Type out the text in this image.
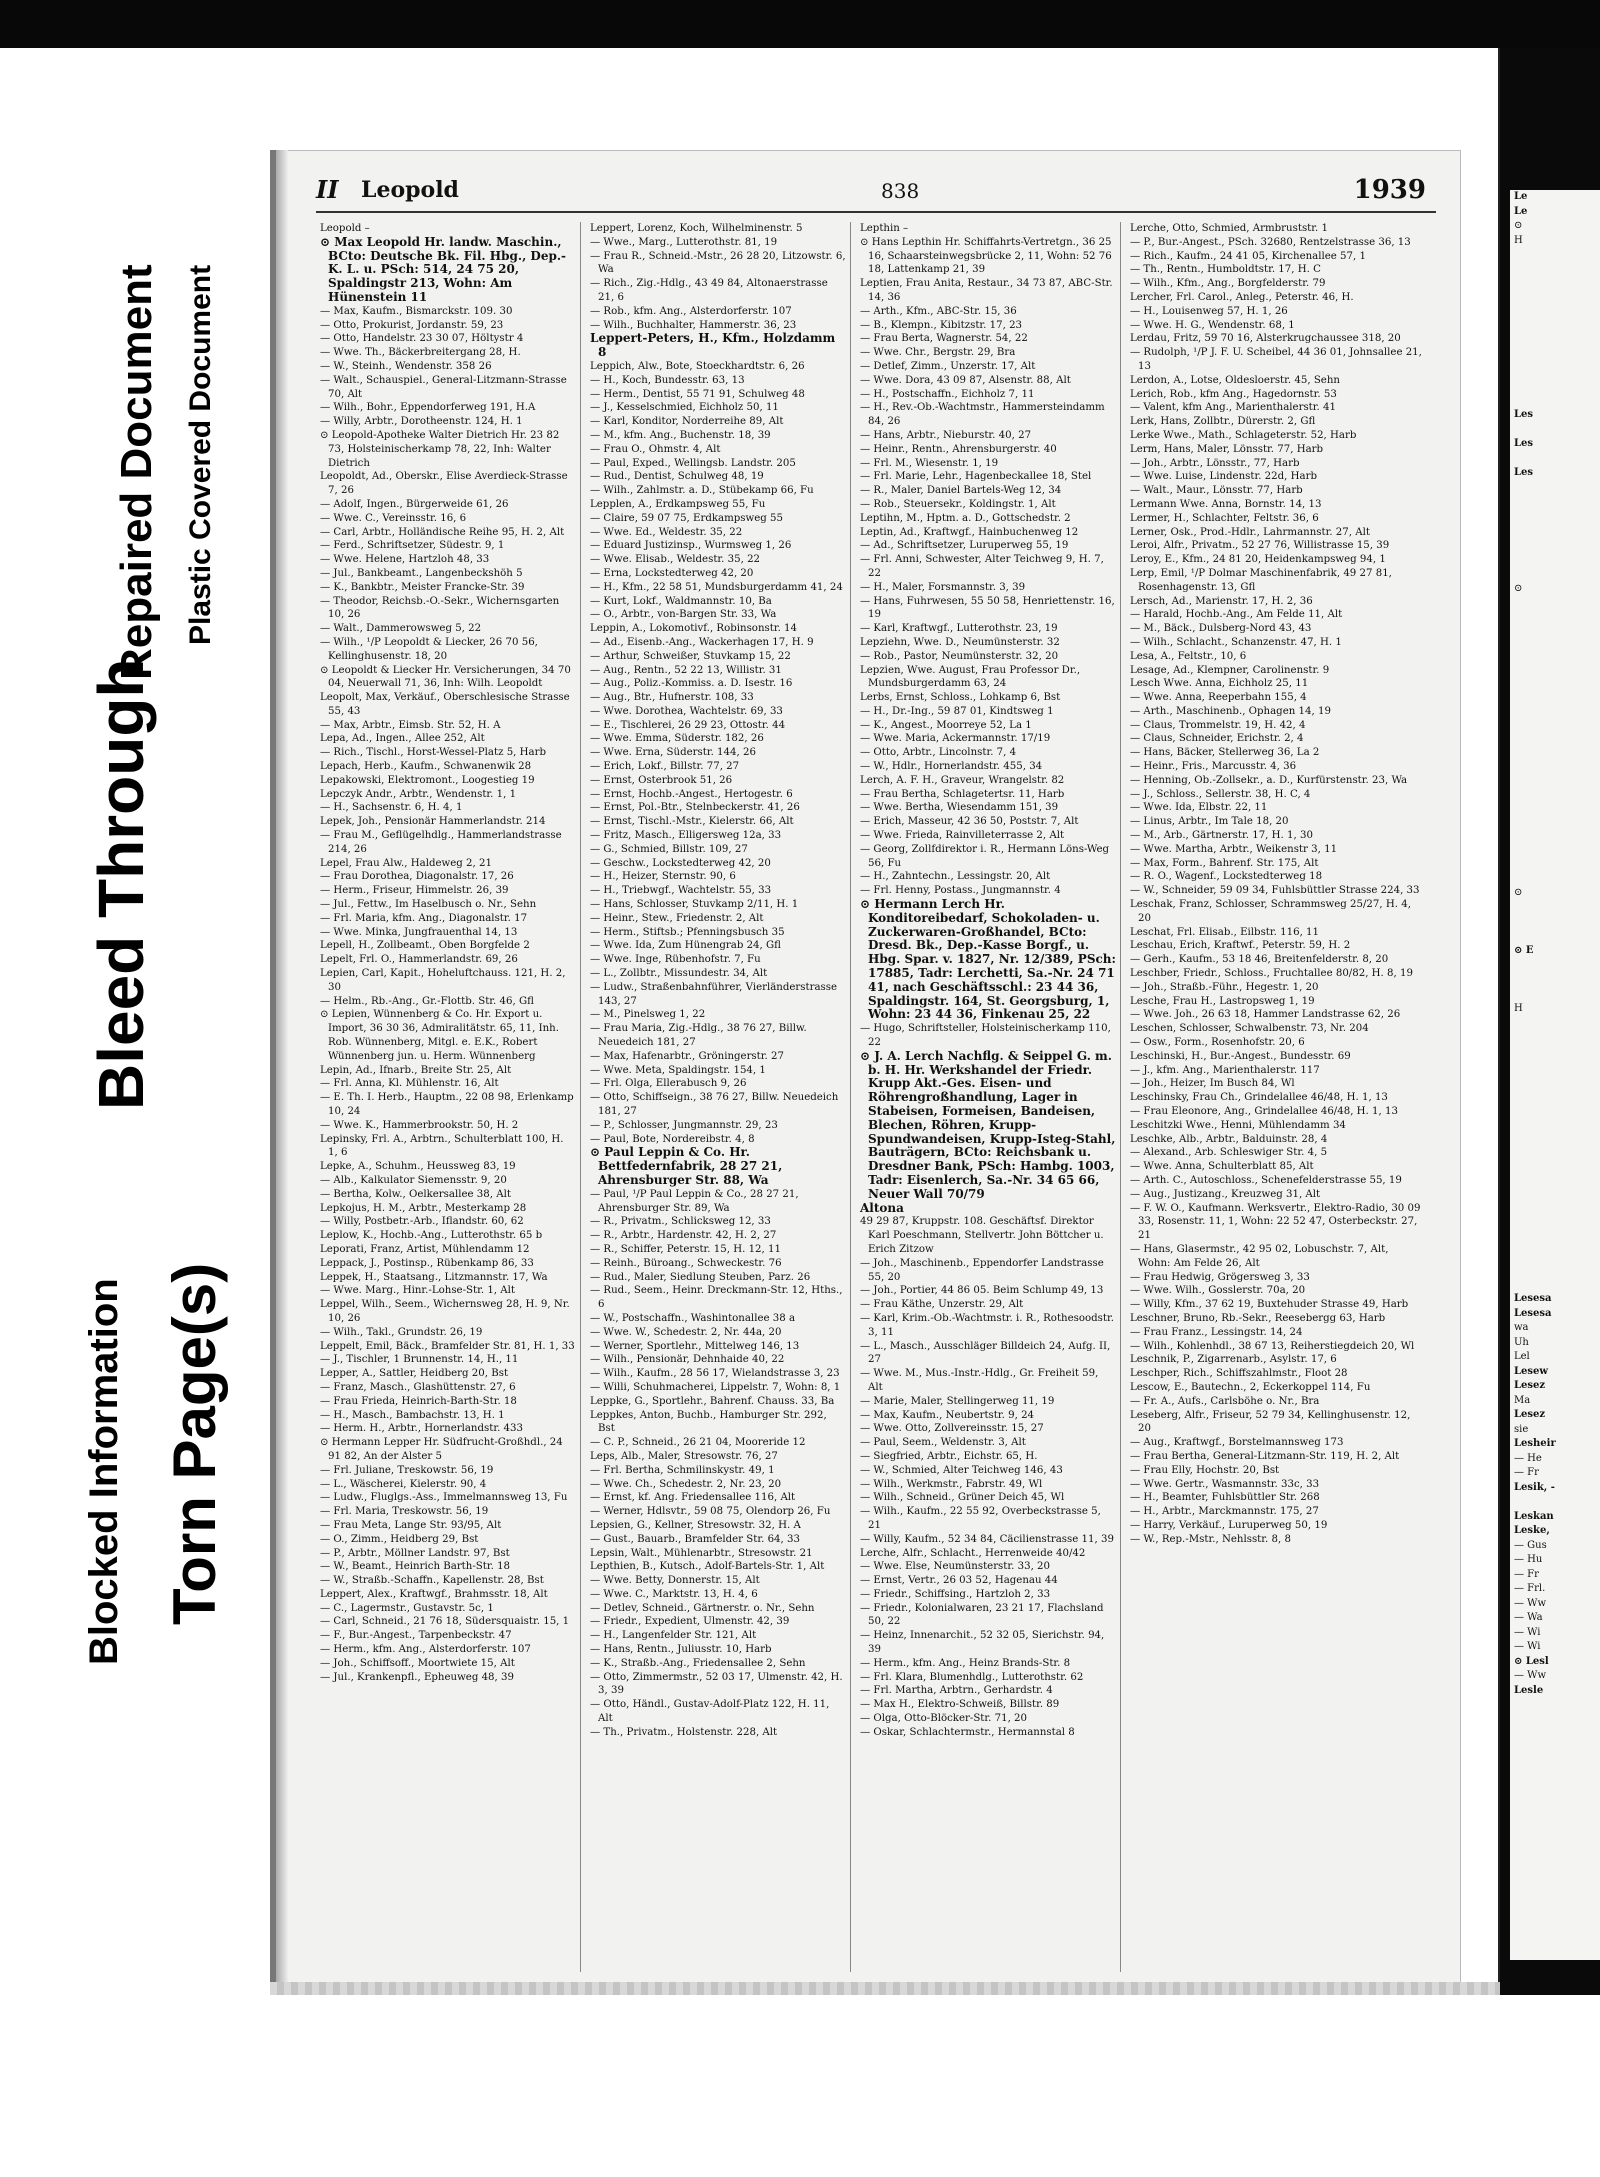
Repaired Document Plastic Covered Document
Bleed Through
Blocked Information Torn Page(s)
II Leopold	838	1939
Leopold –
⊙ Max Leopold Hr. landw. Maschin., BCto: Deutsche Bk. Fil. Hbg., Dep.-K. L. u. PSch: 514, 24 75 20, Spaldingstr 213, Wohn: Am Hünenstein 11
— Max, Kaufm., Bismarckstr. 109. 30
— Otto, Prokurist, Jordanstr. 59, 23
— Otto, Handelstr. 23 30 07, Höltystr 4
— Wwe. Th., Bäckerbreitergang 28, H.
— W., Steinh., Wendenstr. 358 26
— Walt., Schauspiel., General-Litzmann-Strasse 70, Alt
— Wilh., Bohr., Eppendorferweg 191, H.A
— Willy, Arbtr., Dorotheenstr. 124, H. 1
⊙ Leopold-Apotheke Walter Dietrich Hr. 23 82 73, Holsteinischerkamp 78, 22, Inh: Walter Dietrich
Leopoldt, Ad., Oberskr., Elise Averdieck-Strasse 7, 26
— Adolf, Ingen., Bürgerweide 61, 26
— Wwe. C., Vereinsstr. 16, 6
— Carl, Arbtr., Holländische Reihe 95, H. 2, Alt
— Ferd., Schriftsetzer, Südestr. 9, 1
— Wwe. Helene, Hartzloh 48, 33
— Jul., Bankbeamt., Langenbeckshöh 5
— K., Bankbtr., Meister Francke-Str. 39
— Theodor, Reichsb.-O.-Sekr., Wichernsgarten 10, 26
— Walt., Dammerowsweg 5, 22
— Wilh., ¹/P Leopoldt & Liecker, 26 70 56, Kellinghusenstr. 18, 20
⊙ Leopoldt & Liecker Hr. Versicherungen, 34 70 04, Neuerwall 71, 36, Inh: Wilh. Leopoldt
Leopolt, Max, Verkäuf., Oberschlesische Strasse 55, 43
— Max, Arbtr., Eimsb. Str. 52, H. A
Lepa, Ad., Ingen., Allee 252, Alt
— Rich., Tischl., Horst-Wessel-Platz 5, Harb
Lepach, Herb., Kaufm., Schwanenwik 28
Lepakowski, Elektromont., Loogestieg 19
Lepczyk Andr., Arbtr., Wendenstr. 1, 1
— H., Sachsenstr. 6, H. 4, 1
Lepek, Joh., Pensionär Hammerlandstr. 214
— Frau M., Geflügelhdlg., Hammerlandstrasse 214, 26
Lepel, Frau Alw., Haldeweg 2, 21
— Frau Dorothea, Diagonalstr. 17, 26
— Herm., Friseur, Himmelstr. 26, 39
— Jul., Fettw., Im Haselbusch o. Nr., Sehn
— Frl. Maria, kfm. Ang., Diagonalstr. 17
— Wwe. Minka, Jungfrauenthal 14, 13
Lepell, H., Zollbeamt., Oben Borgfelde 2
Lepelt, Frl. O., Hammerlandstr. 69, 26
Lepien, Carl, Kapit., Hoheluftchauss. 121, H. 2, 30
— Helm., Rb.-Ang., Gr.-Flottb. Str. 46, Gfl
⊙ Lepien, Wünnenberg & Co. Hr. Export u. Import, 36 30 36, Admiralitätstr. 65, 11, Inh. Rob. Wünnenberg, Mitgl. e. E.K., Robert Wünnenberg jun. u. Herm. Wünnenberg
Lepin, Ad., Ifnarb., Breite Str. 25, Alt
— Frl. Anna, Kl. Mühlenstr. 16, Alt
— E. Th. I. Herb., Hauptm., 22 08 98, Erlenkamp 10, 24
— Wwe. K., Hammerbrookstr. 50, H. 2
Lepinsky, Frl. A., Arbtrn., Schulterblatt 100, H. 1, 6
Lepke, A., Schuhm., Heussweg 83, 19
— Alb., Kalkulator Siemensstr. 9, 20
— Bertha, Kolw., Oelkersallee 38, Alt
Lepkojus, H. M., Arbtr., Mesterkamp 28
— Willy, Postbetr.-Arb., Iflandstr. 60, 62
Leplow, K., Hochb.-Ang., Lutterothstr. 65 b
Leporati, Franz, Artist, Mühlendamm 12
Leppack, J., Postinsp., Rübenkamp 86, 33
Leppek, H., Staatsang., Litzmannstr. 17, Wa
— Wwe. Marg., Hinr.-Lohse-Str. 1, Alt
Leppel, Wilh., Seem., Wichernsweg 28, H. 9, Nr. 10, 26
— Wilh., Takl., Grundstr. 26, 19
Leppelt, Emil, Bäck., Bramfelder Str. 81, H. 1, 33
— J., Tischler, 1 Brunnenstr. 14, H., 11
Lepper, A., Sattler, Heidberg 20, Bst
— Franz, Masch., Glashüttenstr. 27, 6
— Frau Frieda, Heinrich-Barth-Str. 18
— H., Masch., Bambachstr. 13, H. 1
— Herm. H., Arbtr., Hornerlandstr. 433
⊙ Hermann Lepper Hr. Südfrucht-Großhdl., 24 91 82, An der Alster 5
— Frl. Juliane, Treskowstr. 56, 19
— L., Wäscherei, Kielerstr. 90, 4
— Ludw., Fluglgs.-Ass., Immelmannsweg 13, Fu
— Frl. Maria, Treskowstr. 56, 19
— Frau Meta, Lange Str. 93/95, Alt
— O., Zimm., Heidberg 29, Bst
— P., Arbtr., Möllner Landstr. 97, Bst
— W., Beamt., Heinrich Barth-Str. 18
— W., Straßb.-Schaffn., Kapellenstr. 28, Bst
Leppert, Alex., Kraftwgf., Brahmsstr. 18, Alt
— C., Lagermstr., Gustavstr. 5c, 1
— Carl, Schneid., 21 76 18, Südersquaistr. 15, 1
— F., Bur.-Angest., Tarpenbeckstr. 47
— Herm., kfm. Ang., Alsterdorferstr. 107
— Joh., Schiffsoff., Moortwiete 15, Alt
— Jul., Krankenpfl., Epheuweg 48, 39
Leppert, Lorenz, Koch, Wilhelminenstr. 5
— Wwe., Marg., Lutterothstr. 81, 19
— Frau R., Schneid.-Mstr., 26 28 20, Litzowstr. 6, Wa
— Rich., Zig.-Hdlg., 43 49 84, Altonaerstrasse 21, 6
— Rob., kfm. Ang., Alsterdorferstr. 107
— Wilh., Buchhalter, Hammerstr. 36, 23
Leppert-Peters, H., Kfm., Holzdamm 8
Leppich, Alw., Bote, Stoeckhardtstr. 6, 26
— H., Koch, Bundesstr. 63, 13
— Herm., Dentist, 55 71 91, Schulweg 48
— J., Kesselschmied, Eichholz 50, 11
— Karl, Konditor, Norderreihe 89, Alt
— M., kfm. Ang., Buchenstr. 18, 39
— Frau O., Ohmstr. 4, Alt
— Paul, Exped., Wellingsb. Landstr. 205
— Rud., Dentist, Schulweg 48, 19
— Wilh., Zahlmstr. a. D., Stübekamp 66, Fu
Lepplen, A., Erdkampsweg 55, Fu
— Claire, 59 07 75, Erdkampsweg 55
— Wwe. Ed., Weldestr. 35, 22
— Eduard Justizinsp., Wurmsweg 1, 26
— Wwe. Elisab., Weldestr. 35, 22
— Erna, Lockstedterweg 42, 20
— H., Kfm., 22 58 51, Mundsburgerdamm 41, 24
— Kurt, Lokf., Waldmannstr. 10, Ba
— O., Arbtr., von-Bargen Str. 33, Wa
Leppin, A., Lokomotivf., Robinsonstr. 14
— Ad., Eisenb.-Ang., Wackerhagen 17, H. 9
— Arthur, Schweißer, Stuvkamp 15, 22
— Aug., Rentn., 52 22 13, Willistr. 31
— Aug., Poliz.-Kommiss. a. D. Isestr. 16
— Aug., Btr., Hufnerstr. 108, 33
— Wwe. Dorothea, Wachtelstr. 69, 33
— E., Tischlerei, 26 29 23, Ottostr. 44
— Wwe. Emma, Süderstr. 182, 26
— Wwe. Erna, Süderstr. 144, 26
— Erich, Lokf., Billstr. 77, 27
— Ernst, Osterbrook 51, 26
— Ernst, Hochb.-Angest., Hertogestr. 6
— Ernst, Pol.-Btr., Stelnbeckerstr. 41, 26
— Ernst, Tischl.-Mstr., Kielerstr. 66, Alt
— Fritz, Masch., Elligersweg 12a, 33
— G., Schmied, Billstr. 109, 27
— Geschw., Lockstedterweg 42, 20
— H., Heizer, Sternstr. 90, 6
— H., Triebwgf., Wachtelstr. 55, 33
— Hans, Schlosser, Stuvkamp 2/11, H. 1
— Heinr., Stew., Friedenstr. 2, Alt
— Herm., Stiftsb.; Pfenningsbusch 35
— Wwe. Ida, Zum Hünengrab 24, Gfl
— Wwe. Inge, Rübenhofstr. 7, Fu
— L., Zollbtr., Missundestr. 34, Alt
— Ludw., Straßenbahnführer, Vierländerstrasse 143, 27
— M., Pinelsweg 1, 22
— Frau Maria, Zig.-Hdlg., 38 76 27, Billw. Neuedeich 181, 27
— Max, Hafenarbtr., Gröningerstr. 27
— Wwe. Meta, Spaldingstr. 154, 1
— Frl. Olga, Ellerabusch 9, 26
— Otto, Schiffseign., 38 76 27, Billw. Neuedeich 181, 27
— P., Schlosser, Jungmannstr. 29, 23
— Paul, Bote, Nordereibstr. 4, 8
⊙ Paul Leppin & Co. Hr. Bettfedernfabrik, 28 27 21, Ahrensburger Str. 88, Wa
— Paul, ¹/P Paul Leppin & Co., 28 27 21, Ahrensburger Str. 89, Wa
— R., Privatm., Schlicksweg 12, 33
— R., Arbtr., Hardenstr. 42, H. 2, 27
— R., Schiffer, Peterstr. 15, H. 12, 11
— Reinh., Büroang., Schweckestr. 76
— Rud., Maler, Siedlung Steuben, Parz. 26
— Rud., Seem., Heinr. Dreckmann-Str. 12, Hths., 6
— W., Postschaffn., Washintonallee 38 a
— Wwe. W., Schedestr. 2, Nr. 44a, 20
— Werner, Sportlehr., Mittelweg 146, 13
— Wilh., Pensionär, Dehnhaide 40, 22
— Wilh., Kaufm., 28 56 17, Wielandstrasse 3, 23
— Willi, Schuhmacherei, Lippelstr. 7, Wohn: 8, 1
Leppke, G., Sportlehr., Bahrenf. Chauss. 33, Ba
Leppkes, Anton, Buchb., Hamburger Str. 292, Bst
— C. P., Schneid., 26 21 04, Mooreride 12
Leps, Alb., Maler, Stresowstr. 76, 27
— Frl. Bertha, Schmilinskystr. 49, 1
— Wwe. Ch., Schedestr. 2, Nr. 23, 20
— Ernst, kf. Ang. Friedensallee 116, Alt
— Werner, Hdlsvtr., 59 08 75, Olendorp 26, Fu
Lepsien, G., Kellner, Stresowstr. 32, H. A
— Gust., Bauarb., Bramfelder Str. 64, 33
Lepsin, Walt., Mühlenarbtr., Stresowstr. 21
Lepthien, B., Kutsch., Adolf-Bartels-Str. 1, Alt
— Wwe. Betty, Donnerstr. 15, Alt
— Wwe. C., Marktstr. 13, H. 4, 6
— Detlev, Schneid., Gärtnerstr. o. Nr., Sehn
— Friedr., Expedient, Ulmenstr. 42, 39
— H., Langenfelder Str. 121, Alt
— Hans, Rentn., Juliusstr. 10, Harb
— K., Straßb.-Ang., Friedensallee 2, Sehn
— Otto, Zimmermstr., 52 03 17, Ulmenstr. 42, H. 3, 39
— Otto, Händl., Gustav-Adolf-Platz 122, H. 11, Alt
— Th., Privatm., Holstenstr. 228, Alt
Lepthin –
⊙ Hans Lepthin Hr. Schiffahrts-Vertretgn., 36 25 16, Schaarsteinwegsbrücke 2, 11, Wohn: 52 76 18, Lattenkamp 21, 39
Leptien, Frau Anita, Restaur., 34 73 87, ABC-Str. 14, 36
— Arth., Kfm., ABC-Str. 15, 36
— B., Klempn., Kibitzstr. 17, 23
— Frau Berta, Wagnerstr. 54, 22
— Wwe. Chr., Bergstr. 29, Bra
— Detlef, Zimm., Unzerstr. 17, Alt
— Wwe. Dora, 43 09 87, Alsenstr. 88, Alt
— H., Postschaffn., Eichholz 7, 11
— H., Rev.-Ob.-Wachtmstr., Hammersteindamm 84, 26
— Hans, Arbtr., Nieburstr. 40, 27
— Heinr., Rentn., Ahrensburgerstr. 40
— Frl. M., Wiesenstr. 1, 19
— Frl. Marie, Lehr., Hagenbeckallee 18, Stel
— R., Maler, Daniel Bartels-Weg 12, 34
— Rob., Steuersekr., Koldingstr. 1, Alt
Leptihn, M., Hptm. a. D., Gottschedstr. 2
Leptin, Ad., Kraftwgf., Hainbuchenweg 12
— Ad., Schriftsetzer, Luruperweg 55, 19
— Frl. Anni, Schwester, Alter Teichweg 9, H. 7, 22
— H., Maler, Forsmannstr. 3, 39
— Hans, Fuhrwesen, 55 50 58, Henriettenstr. 16, 19
— Karl, Kraftwgf., Lutterothstr. 23, 19
Lepziehn, Wwe. D., Neumünsterstr. 32
— Rob., Pastor, Neumünsterstr. 32, 20
Lepzien, Wwe. August, Frau Professor Dr., Mundsburgerdamm 63, 24
Lerbs, Ernst, Schloss., Lohkamp 6, Bst
— H., Dr.-Ing., 59 87 01, Kindtsweg 1
— K., Angest., Moorreye 52, La 1
— Wwe. Maria, Ackermannstr. 17/19
— Otto, Arbtr., Lincolnstr. 7, 4
— W., Hdlr., Hornerlandstr. 455, 34
Lerch, A. F. H., Graveur, Wrangelstr. 82
— Frau Bertha, Schlagetertsr. 11, Harb
— Wwe. Bertha, Wiesendamm 151, 39
— Erich, Masseur, 42 36 50, Poststr. 7, Alt
— Wwe. Frieda, Rainvilleterrasse 2, Alt
— Georg, Zollfdirektor i. R., Hermann Löns-Weg 56, Fu
— H., Zahntechn., Lessingstr. 20, Alt
— Frl. Henny, Postass., Jungmannstr. 4
⊙ Hermann Lerch Hr. Konditoreibedarf, Schokoladen- u. Zuckerwaren-Großhandel, BCto: Dresd. Bk., Dep.-Kasse Borgf., u. Hbg. Spar. v. 1827, Nr. 12/389, PSch: 17885, Tadr: Lerchetti, Sa.-Nr. 24 71 41, nach Geschäftsschl.: 23 44 36, Spaldingstr. 164, St. Georgsburg, 1, Wohn: 23 44 36, Finkenau 25, 22
— Hugo, Schriftsteller, Holsteinischerkamp 110, 22
⊙ J. A. Lerch Nachflg. & Seippel G. m. b. H. Hr. Werkshandel der Friedr. Krupp Akt.-Ges. Eisen- und Röhrengroßhandlung, Lager in Stabeisen, Formeisen, Bandeisen, Blechen, Röhren, Krupp-Spundwandeisen, Krupp-Isteg-Stahl, Bauträgern, BCto: Reichsbank u. Dresdner Bank, PSch: Hambg. 1003, Tadr: Eisenlerch, Sa.-Nr. 34 65 66, Neuer Wall 70/79
Altona
49 29 87, Kruppstr. 108. Geschäftsf. Direktor Karl Poeschmann, Stellvertr. John Böttcher u. Erich Zitzow
— Joh., Maschinenb., Eppendorfer Landstrasse 55, 20
— Joh., Portier, 44 86 05. Beim Schlump 49, 13
— Frau Käthe, Unzerstr. 29, Alt
— Karl, Krim.-Ob.-Wachtmstr. i. R., Rothesoodstr. 3, 11
— L., Masch., Ausschläger Billdeich 24, Aufg. II, 27
— Wwe. M., Mus.-Instr.-Hdlg., Gr. Freiheit 59, Alt
— Marie, Maler, Stellingerweg 11, 19
— Max, Kaufm., Neubertstr. 9, 24
— Wwe. Otto, Zollvereinsstr. 15, 27
— Paul, Seem., Weldenstr. 3, Alt
— Siegfried, Arbtr., Eichstr. 65, H.
— W., Schmied, Alter Teichweg 146, 43
— Wilh., Werkmstr., Fabrstr. 49, Wl
— Wilh., Schneid., Grüner Deich 45, Wl
— Wilh., Kaufm., 22 55 92, Overbeckstrasse 5, 21
— Willy, Kaufm., 52 34 84, Cäcilienstrasse 11, 39
Lerche, Alfr., Schlacht., Herrenweide 40/42
— Wwe. Else, Neumünsterstr. 33, 20
— Ernst, Vertr., 26 03 52, Hagenau 44
— Friedr., Schiffsing., Hartzloh 2, 33
— Friedr., Kolonialwaren, 23 21 17, Flachsland 50, 22
— Heinz, Innenarchit., 52 32 05, Sierichstr. 94, 39
— Herm., kfm. Ang., Heinz Brands-Str. 8
— Frl. Klara, Blumenhdlg., Lutterothstr. 62
— Frl. Martha, Arbtrn., Gerhardstr. 4
— Max H., Elektro-Schweiß, Billstr. 89
— Olga, Otto-Blöcker-Str. 71, 20
— Oskar, Schlachtermstr., Hermannstal 8
Lerche, Otto, Schmied, Armbruststr. 1
— P., Bur.-Angest., PSch. 32680, Rentzelstrasse 36, 13
— Rich., Kaufm., 24 41 05, Kirchenallee 57, 1
— Th., Rentn., Humboldtstr. 17, H. C
— Wilh., Kfm., Ang., Borgfelderstr. 79
Lercher, Frl. Carol., Anleg., Peterstr. 46, H.
— H., Louisenweg 57, H. 1, 26
— Wwe. H. G., Wendenstr. 68, 1
Lerdau, Fritz, 59 70 16, Alsterkrugchaussee 318, 20
— Rudolph, ¹/P J. F. U. Scheibel, 44 36 01, Johnsallee 21, 13
Lerdon, A., Lotse, Oldesloerstr. 45, Sehn
Lerich, Rob., kfm Ang., Hagedornstr. 53
— Valent, kfm Ang., Marienthalerstr. 41
Lerk, Hans, Zollbtr., Dürerstr. 2, Gfl
Lerke Wwe., Math., Schlageterstr. 52, Harb
Lerm, Hans, Maler, Lönsstr. 77, Harb
— Joh., Arbtr., Lönsstr., 77, Harb
— Wwe. Luise, Lindenstr. 22d, Harb
— Walt., Maur., Lönsstr. 77, Harb
Lermann Wwe. Anna, Bornstr. 14, 13
Lermer, H., Schlachter, Feltstr. 36, 6
Lerner, Osk., Prod.-Hdlr., Lahrmannstr. 27, Alt
Leroi, Alfr., Privatm., 52 27 76, Willistrasse 15, 39
Leroy, E., Kfm., 24 81 20, Heidenkampsweg 94, 1
Lerp, Emil, ¹/P Dolmar Maschinenfabrik, 49 27 81, Rosenhagenstr. 13, Gfl
Lersch, Ad., Marienstr. 17, H. 2, 36
— Harald, Hochb.-Ang., Am Felde 11, Alt
— M., Bäck., Dulsberg-Nord 43, 43
— Wilh., Schlacht., Schanzenstr. 47, H. 1
Lesa, A., Feltstr., 10, 6
Lesage, Ad., Klempner, Carolinenstr. 9
Lesch Wwe. Anna, Eichholz 25, 11
— Wwe. Anna, Reeperbahn 155, 4
— Arth., Maschinenb., Ophagen 14, 19
— Claus, Trommelstr. 19, H. 42, 4
— Claus, Schneider, Erichstr. 2, 4
— Hans, Bäcker, Stellerweg 36, La 2
— Heinr., Fris., Marcusstr. 4, 36
— Henning, Ob.-Zollsekr., a. D., Kurfürstenstr. 23, Wa
— J., Schloss., Sellerstr. 38, H. C, 4
— Wwe. Ida, Elbstr. 22, 11
— Linus, Arbtr., Im Tale 18, 20
— M., Arb., Gärtnerstr. 17, H. 1, 30
— Wwe. Martha, Arbtr., Weikenstr 3, 11
— Max, Form., Bahrenf. Str. 175, Alt
— R. O., Wagenf., Lockstedterweg 18
— W., Schneider, 59 09 34, Fuhlsbüttler Strasse 224, 33
Leschak, Franz, Schlosser, Schrammsweg 25/27, H. 4, 20
Leschat, Frl. Elisab., Eilbstr. 116, 11
Leschau, Erich, Kraftwf., Peterstr. 59, H. 2
— Gerh., Kaufm., 53 18 46, Breitenfelderstr. 8, 20
Leschber, Friedr., Schloss., Fruchtallee 80/82, H. 8, 19
— Joh., Straßb.-Führ., Hegestr. 1, 20
Lesche, Frau H., Lastropsweg 1, 19
— Wwe. Joh., 26 63 18, Hammer Landstrasse 62, 26
Leschen, Schlosser, Schwalbenstr. 73, Nr. 204
— Osw., Form., Rosenhofstr. 20, 6
Leschinski, H., Bur.-Angest., Bundesstr. 69
— J., kfm. Ang., Marienthalerstr. 117
— Joh., Heizer, Im Busch 84, Wl
Leschinsky, Frau Ch., Grindelallee 46/48, H. 1, 13
— Frau Eleonore, Ang., Grindelallee 46/48, H. 1, 13
Leschitzki Wwe., Henni, Mühlendamm 34
Leschke, Alb., Arbtr., Balduinstr. 28, 4
— Alexand., Arb. Schleswiger Str. 4, 5
— Wwe. Anna, Schulterblatt 85, Alt
— Arth. C., Autoschloss., Schenefelderstrasse 55, 19
— Aug., Justizang., Kreuzweg 31, Alt
— F. W. O., Kaufmann. Werksvertr., Elektro-Radio, 30 09 33, Rosenstr. 11, 1, Wohn: 22 52 47, Osterbeckstr. 27, 21
— Hans, Glasermstr., 42 95 02, Lobuschstr. 7, Alt, Wohn: Am Felde 26, Alt
— Frau Hedwig, Grögersweg 3, 33
— Wwe. Wilh., Gosslerstr. 70a, 20
— Willy, Kfm., 37 62 19, Buxtehuder Strasse 49, Harb
Leschner, Bruno, Rb.-Sekr., Reesebergg 63, Harb
— Frau Franz., Lessingstr. 14, 24
— Wilh., Kohlenhdl., 38 67 13, Reiherstiegdeich 20, Wl
Leschnik, P., Zigarrenarb., Asylstr. 17, 6
Leschper, Rich., Schiffszahlmstr., Floot 28
Lescow, E., Bautechn., 2, Eckerkoppel 114, Fu
— Fr. A., Aufs., Carlsböhe o. Nr., Bra
Leseberg, Alfr., Friseur, 52 79 34, Kellinghusenstr. 12, 20
— Aug., Kraftwgf., Borstelmannsweg 173
— Frau Bertha, General-Litzmann-Str. 119, H. 2, Alt
— Frau Elly, Hochstr. 20, Bst
— Wwe. Gertr., Wasmannstr. 33c, 33
— H., Beamter, Fuhlsbüttler Str. 268
— H., Arbtr., Marckmannstr. 175, 27
— Harry, Verkäuf., Luruperweg 50, 19
— W., Rep.-Mstr., Nehlsstr. 8, 8
Le
Le
⊙
H

Les

Les

Les

⊙

⊙

⊙ E

H

Lesesa
Lesesa
wa
Uh
Lel
Lesew
Lesez
Ma
Lesez
sie
Lesheir
— He
— Fr
Lesik, -

Leskan
Leske,
— Gus
— Hu
— Fr
— Frl.
— Ww
— Wa
— Wi
— Wi
⊙ Lesl
— Ww
Lesle
